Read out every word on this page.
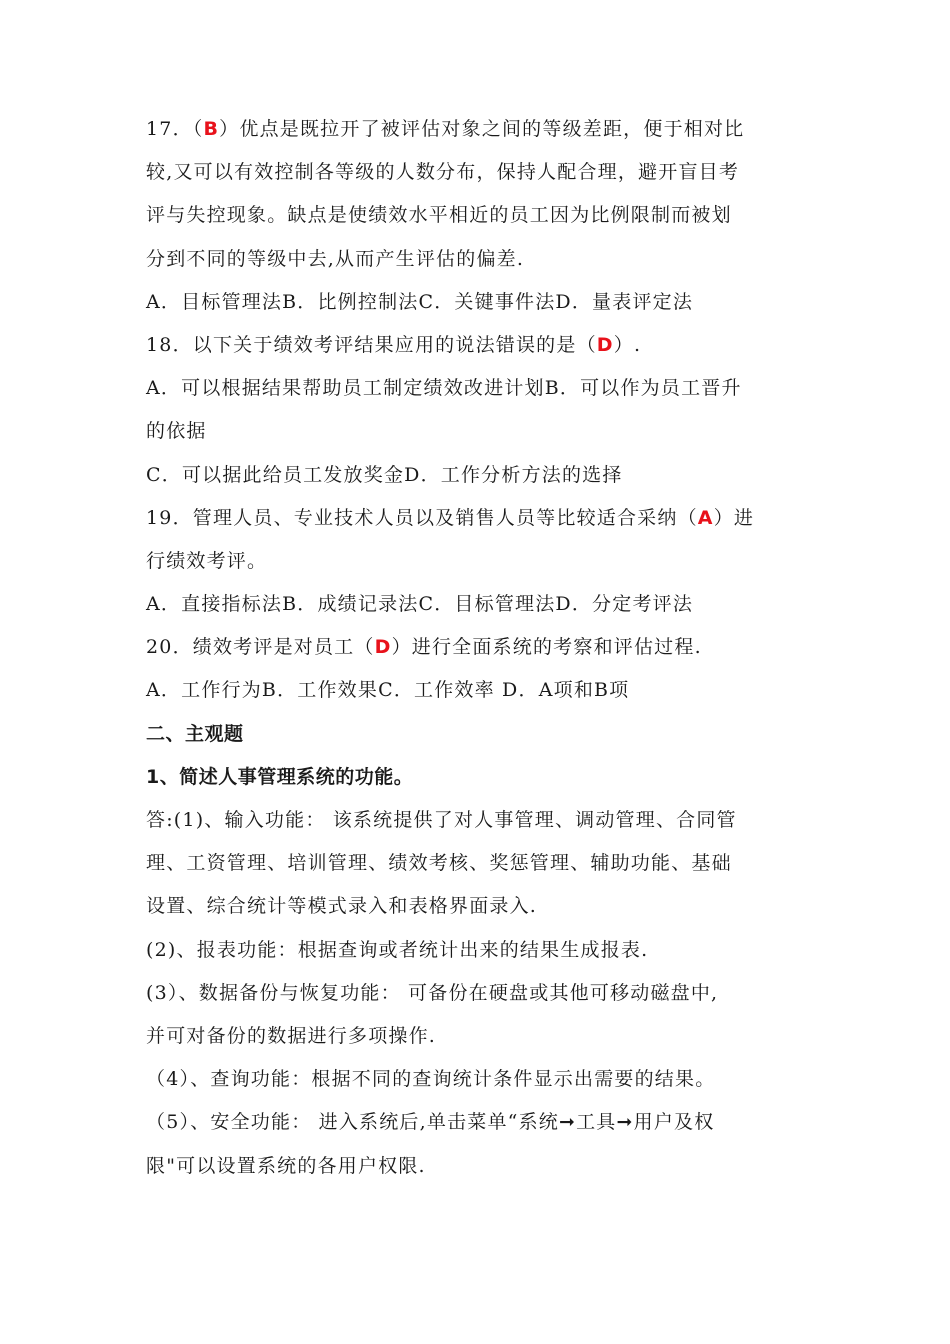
17．（B）优点是既拉开了被评估对象之间的等级差距，便于相对比
较,又可以有效控制各等级的人数分布，保持人配合理，避开盲目考
评与失控现象。缺点是使绩效水平相近的员工因为比例限制而被划
分到不同的等级中去,从而产生评估的偏差.
A．目标管理法B．比例控制法C．关键事件法D．量表评定法
18．以下关于绩效考评结果应用的说法错误的是（D）.
A．可以根据结果帮助员工制定绩效改进计划B．可以作为员工晋升
的依据
C．可以据此给员工发放奖金D．工作分析方法的选择
19．管理人员、专业技术人员以及销售人员等比较适合采纳（A）进
行绩效考评。
A．直接指标法B．成绩记录法C．目标管理法D．分定考评法
20．绩效考评是对员工（D）进行全面系统的考察和评估过程.
A．工作行为B．工作效果C．工作效率 D．A项和B项
二、主观题
1、简述人事管理系统的功能。
答:(1)、输入功能： 该系统提供了对人事管理、调动管理、合同管
理、工资管理、培训管理、绩效考核、奖惩管理、辅助功能、基础
设置、综合统计等模式录入和表格界面录入.
(2)、报表功能：根据查询或者统计出来的结果生成报表.
(3）、数据备份与恢复功能： 可备份在硬盘或其他可移动磁盘中,
并可对备份的数据进行多项操作.
（4）、查询功能：根据不同的查询统计条件显示出需要的结果。
（5）、安全功能： 进入系统后,单击菜单“系统➞工具➞用户及权
限"可以设置系统的各用户权限.
